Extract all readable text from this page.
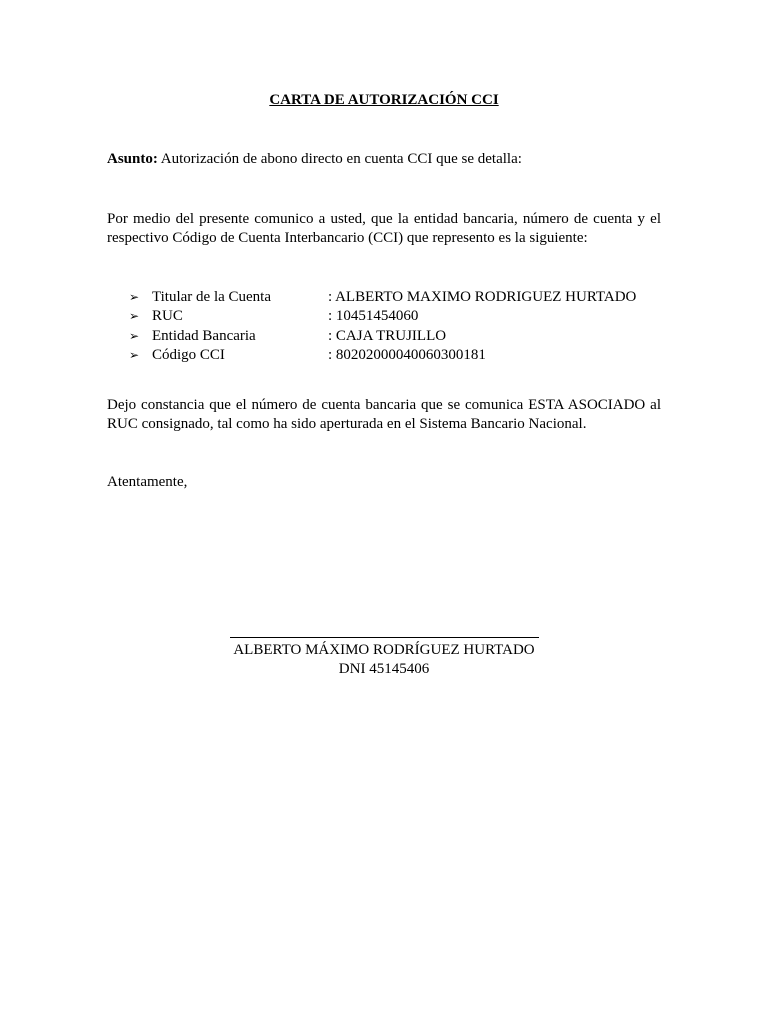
CARTA DE AUTORIZACIÓN CCI

Asunto: Autorización de abono directo en cuenta CCI que se detalla:

Por medio del presente comunico a usted, que la entidad bancaria, número de cuenta y el respectivo Código de Cuenta Interbancario (CCI) que represento es la siguiente:

➢ Titular de la Cuenta	: ALBERTO MAXIMO RODRIGUEZ HURTADO
➢ RUC	: 10451454060
➢ Entidad Bancaria	: CAJA TRUJILLO
➢ Código CCI	: 80202000040060300181

Dejo constancia que el número de cuenta bancaria que se comunica ESTA ASOCIADO al RUC consignado, tal como ha sido aperturada en el Sistema Bancario Nacional.

Atentamente,

ALBERTO MÁXIMO RODRÍGUEZ HURTADO

DNI 45145406
